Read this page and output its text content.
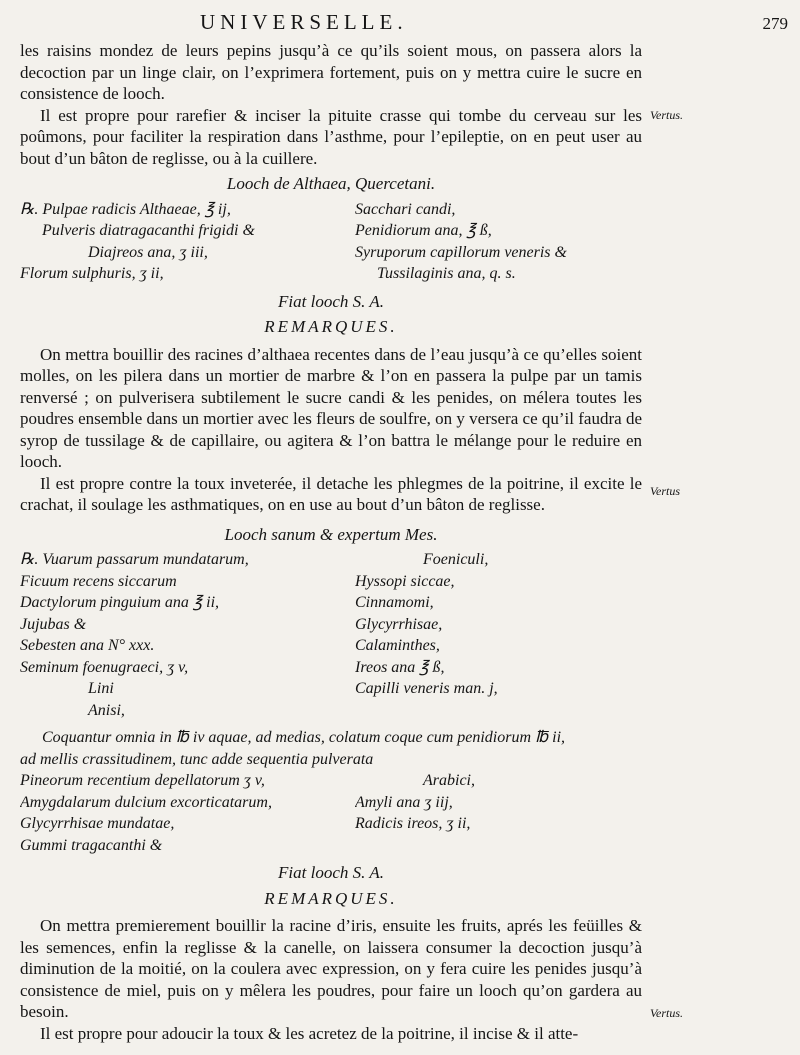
UNIVERSELLE.	279
Vertus.
Vertus
Vertus.

les raisins mondez de leurs pepins jusqu’à ce qu’ils soient mous, on passera alors la decoction par un linge clair, on l’exprimera fortement, puis on y mettra cuire le sucre en consistence de looch.

Il est propre pour rarefier & inciser la pituite crasse qui tombe du cerveau sur les poûmons, pour faciliter la respiration dans l’asthme, pour l’epileptie, on en peut user au bout d’un bâton de reglisse, ou à la cuillere.

Looch de Althaea, Quercetani.
℞. Pulpae radicis Althaeae, ℥ ij,
Pulveris diatragacanthi frigidi &
Diajreos ana, ʒ iii,
Florum sulphuris, ʒ ii,
Sacchari candi,
Penidiorum ana, ℥ ß,
Syruporum capillorum veneris &
Tussilaginis ana, q. s.
Fiat looch S. A.
REMARQUES.

On mettra bouillir des racines d’althaea recentes dans de l’eau jusqu’à ce qu’elles soient molles, on les pilera dans un mortier de marbre & l’on en passera la pulpe par un tamis renversé ; on pulverisera subtilement le sucre candi & les penides, on mélera toutes les poudres ensemble dans un mortier avec les fleurs de soulfre, on y versera ce qu’il faudra de syrop de tussilage & de capillaire, ou agitera & l’on battra le mélange pour le reduire en looch.

Il est propre contre la toux inveterée, il detache les phlegmes de la poitrine, il excite le crachat, il soulage les asthmatiques, on en use au bout d’un bâton de reglisse.

Looch sanum & expertum Mes.
℞. Vuarum passarum mundatarum,
Ficuum recens siccarum
Dactylorum pinguium ana ℥ ii,
Jujubas &
Sebesten ana N° xxx.
Seminum foenugraeci, ʒ v,
Lini
Anisi,
Foeniculi,
Hyssopi siccae,
Cinnamomi,
Glycyrrhisae,
Calaminthes,
Ireos ana ℥ ß,
Capilli veneris man. j,
Coquantur omnia in ℔ iv aquae, ad medias, colatum coque cum penidiorum ℔ ii,
ad mellis crassitudinem, tunc adde sequentia pulverata
Pineorum recentium depellatorum ʒ v,
Amygdalarum dulcium excorticatarum,
Glycyrrhisae mundatae,
Gummi tragacanthi &
Arabici,
Amyli ana ʒ iij,
Radicis ireos, ʒ ii,
Fiat looch S. A.
REMARQUES.

On mettra premierement bouillir la racine d’iris, ensuite les fruits, aprés les feüilles & les semences, enfin la reglisse & la canelle, on laissera consumer la decoction jusqu’à diminution de la moitié, on la coulera avec expression, on y fera cuire les penides jusqu’à consistence de miel, puis on y mêlera les poudres, pour faire un looch qu’on gardera au besoin.

Il est propre pour adoucir la toux & les acretez de la poitrine, il incise & il atte-
